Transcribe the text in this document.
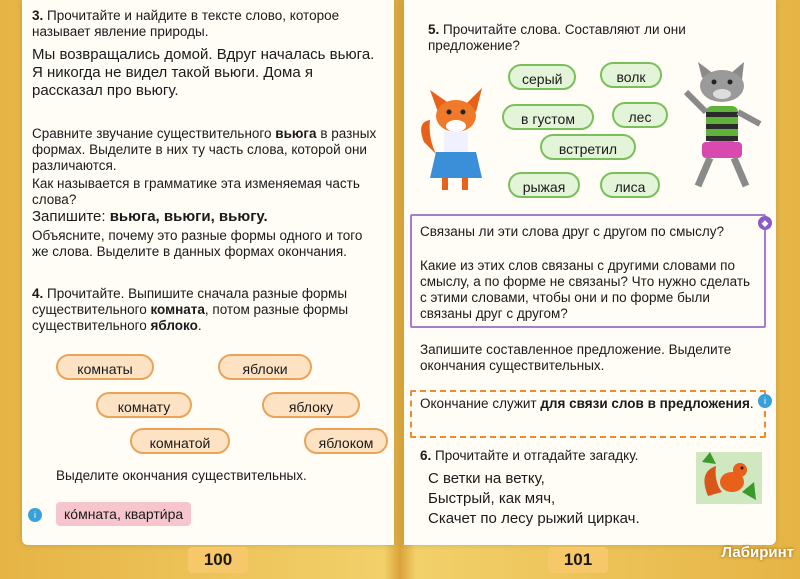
3. Прочитайте и найдите в тексте слово, которое называет явление природы.

Мы возвращались домой. Вдруг началась вьюга. Я никогда не видел такой вьюги. Дома я рассказал про вьюгу.

Сравните звучание существительного вьюга в разных формах. Выделите в них ту часть слова, которой они различаются.

Как называется в грамматике эта изменяемая часть слова?

Запишите: вьюга, вьюги, вьюгу.

Объясните, почему это разные формы одного и того же слова. Выделите в данных формах окончания.

4. Прочитайте. Выпишите сначала разные формы существительного комната, потом разные формы существительного яблоко.

комнаты	яблоки
комнату	яблоку
комнатой	яблоком

Выделите окончания существительных.

i	ко́мната, кварти́ра
100

5. Прочитайте слова. Составляют ли они предложение?

серый	волк
в густом	лес
встретил
рыжая	лиса
◆

Связаны ли эти слова друг с другом по смыслу?

Какие из этих слов связаны с другими словами по смыслу, а по форме не связаны? Что нужно сделать с этими словами, чтобы они и по форме были связаны друг с другом?

Запишите составленное предложение. Выделите окончания существительных.

i

Окончание служит для связи слов в предложения.

6. Прочитайте и отгадайте загадку.

С ветки на ветку,

Быстрый, как мяч,

Скачет по лесу рыжий циркач.

101	Лабиринт
